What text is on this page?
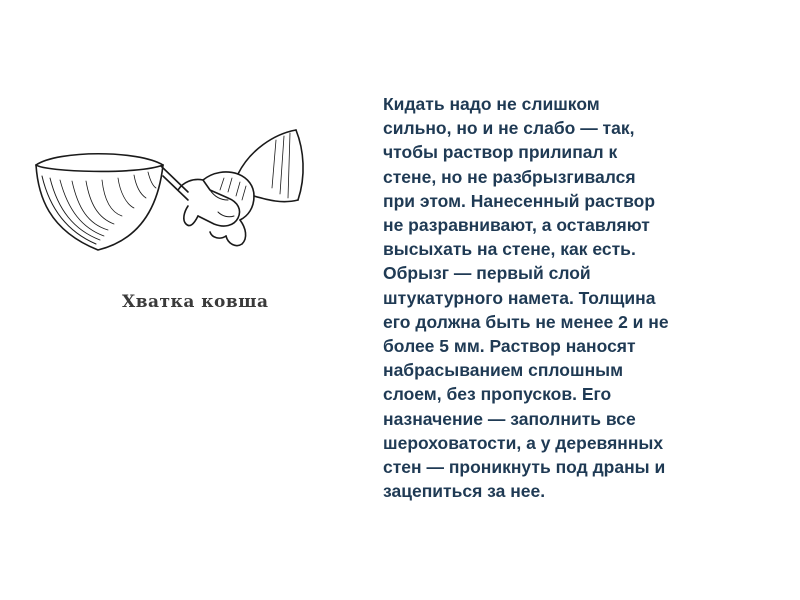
Хватка ковша

Кидать надо не слишком
сильно, но и не слабо — так,
чтобы раствор прилипал к
стене, но не разбрызгивался
при этом. Нанесенный раствор
не разравнивают, а оставляют
высыхать на стене, как есть.
Обрызг — первый слой
штукатурного намета. Толщина
его должна быть не менее 2 и не
более 5 мм. Раствор наносят
набрасыванием сплошным
слоем, без пропусков. Его
назначение — заполнить все
шероховатости, а у деревянных
стен — проникнуть под драны и
зацепиться за нее.
